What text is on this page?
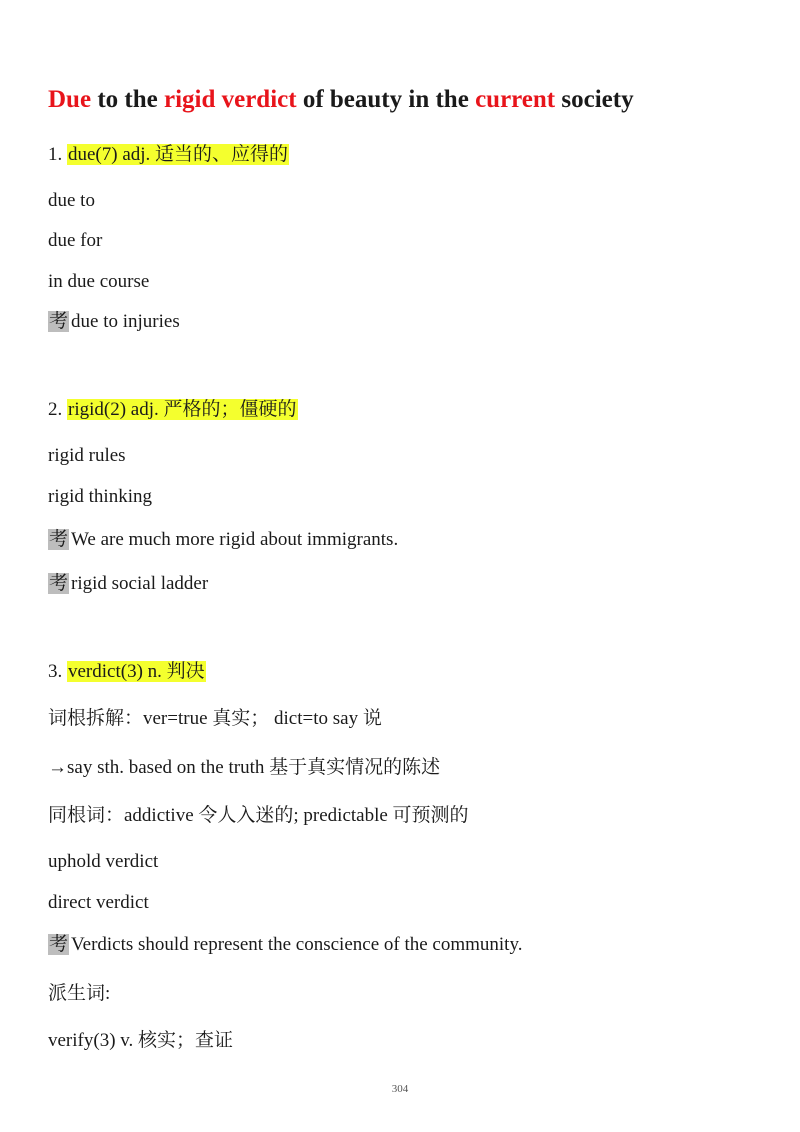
Due to the rigid verdict of beauty in the current society
1. due(7) adj. 适当的、应得的
due to
due for
in due course
考 due to injuries
2. rigid(2) adj. 严格的；僵硬的
rigid rules
rigid thinking
考 We are much more rigid about immigrants.
考 rigid social ladder
3. verdict(3) n. 判决
词根拆解：ver=true 真实； dict=to say 说
→say sth. based on the truth 基于真实情况的陈述
同根词：addictive 令人入迷的; predictable 可预测的
uphold verdict
direct verdict
考 Verdicts should represent the conscience of the community.
派生词:
verify(3) v. 核实；查证
304
